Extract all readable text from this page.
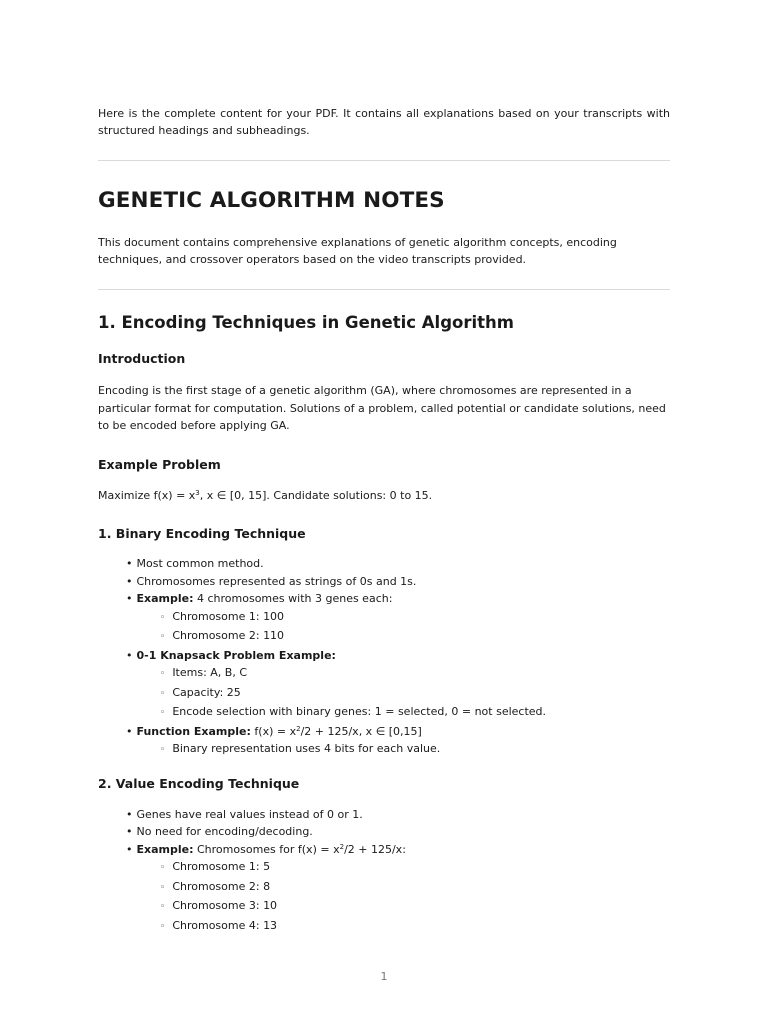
Here is the complete content for your PDF. It contains all explanations based on your transcripts with structured headings and subheadings.

GENETIC ALGORITHM NOTES

This document contains comprehensive explanations of genetic algorithm concepts, encoding techniques, and crossover operators based on the video transcripts provided.

1. Encoding Techniques in Genetic Algorithm
Introduction

Encoding is the first stage of a genetic algorithm (GA), where chromosomes are represented in a particular format for computation. Solutions of a problem, called potential or candidate solutions, need to be encoded before applying GA.

Example Problem

Maximize $f(x) = x^3$, x ∈ [0, 15]. Candidate solutions: 0 to 15.

1. Binary Encoding Technique
• Most common method.
• Chromosomes represented as strings of 0s and 1s.
• Example: 4 chromosomes with 3 genes each:
◦ Chromosome 1: 100
◦ Chromosome 2: 110
• 0-1 Knapsack Problem Example:
◦ Items: A, B, C
◦ Capacity: 25
◦ Encode selection with binary genes: 1 = selected, 0 = not selected.
• Function Example: $f(x) = x^2/2 + 125/x$, x ∈ [0,15]
◦ Binary representation uses 4 bits for each value.
2. Value Encoding Technique
• Genes have real values instead of 0 or 1.
• No need for encoding/decoding.
• Example: Chromosomes for $f(x) = x^2/2 + 125/x$:
◦ Chromosome 1: 5
◦ Chromosome 2: 8
◦ Chromosome 3: 10
◦ Chromosome 4: 13
1
